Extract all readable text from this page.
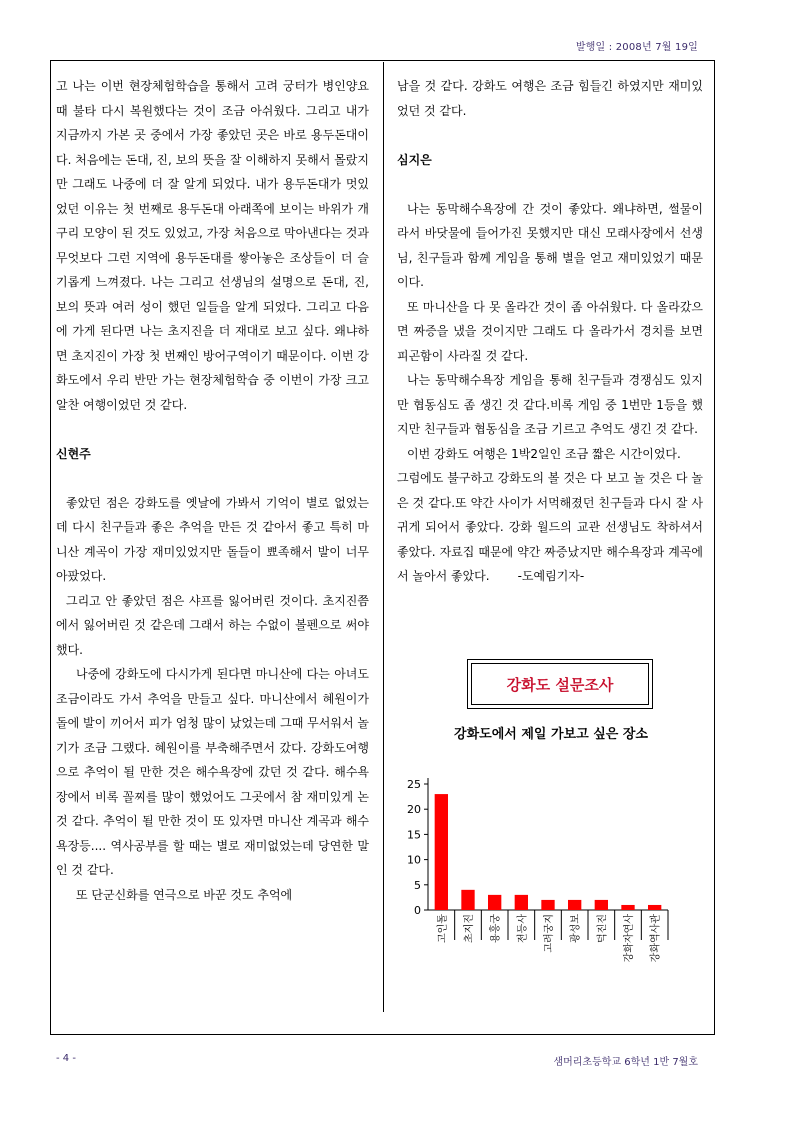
발행일 : 2008년 7월 19일

고 나는 이번 현장체험학습을 통해서 고려 궁터가 병인양요 때 불타 다시 복원했다는 것이 조금 아쉬웠다. 그리고 내가 지금까지 가본 곳 중에서 가장 좋았던 곳은 바로 용두돈대이다. 처음에는 돈대, 진, 보의 뜻을 잘 이해하지 못해서 몰랐지만 그래도 나중에 더 잘 알게 되었다. 내가 용두돈대가 멋있었던 이유는 첫 번째로 용두돈대 아래쪽에 보이는 바위가 개구리 모양이 된 것도 있었고, 가장 처음으로 막아낸다는 것과 무엇보다 그런 지역에 용두돈대를 쌓아놓은 조상들이 더 슬기롭게 느껴졌다. 나는 그리고 선생님의 설명으로 돈대, 진, 보의 뜻과 여러 성이 했던 일들을 알게 되었다. 그리고 다음에 가게 된다면 나는 초지진을 더 재대로 보고 싶다. 왜냐하면 초지진이 가장 첫 번째인 방어구역이기 때문이다. 이번 강화도에서 우리 반만 가는 현장체험학습 중 이번이 가장 크고 알찬 여행이었던 것 같다.

신현주

좋았던 점은 강화도를 옛날에 가봐서 기억이 별로 없었는데 다시 친구들과 좋은 추억을 만든 것 같아서 좋고 특히 마니산 계곡이 가장 재미있었지만 돌들이 뾰족해서 발이 너무 아팠었다.

그리고 안 좋았던 점은 샤프를 잃어버린 것이다. 초지진쯤에서 잃어버린 것 같은데 그래서 하는 수없이 볼펜으로 써야했다.

나중에 강화도에 다시가게 된다면 마니산에 다는 아녀도 조금이라도 가서 추억을 만들고 싶다. 마니산에서 혜원이가 돌에 발이 끼어서 피가 엄청 많이 났었는데 그때 무서워서 놀기가 조금 그랬다. 혜원이를 부축해주면서 갔다. 강화도여행으로 추억이 될 만한 것은 해수욕장에 갔던 것 같다. 해수욕장에서 비록 꼴찌를 많이 했었어도 그곳에서 참 재미있게 논 것 같다. 추억이 될 만한 것이 또 있자면 마니산 계곡과 해수욕장등.... 역사공부를 할 때는 별로 재미없었는데 당연한 말인 것 같다.

또 단군신화를 연극으로 바꾼 것도 추억에

남을 것 같다. 강화도 여행은 조금 힘들긴 하였지만 재미있었던 것 같다.

심지은

나는 동막해수욕장에 간 것이 좋았다. 왜냐하면, 썰물이라서 바닷물에 들어가진 못했지만 대신 모래사장에서 선생님, 친구들과 함께 게임을 통해 별을 얻고 재미있었기 때문이다.

또 마니산을 다 못 올라간 것이 좀 아쉬웠다. 다 올라갔으면 짜증을 냈을 것이지만 그래도 다 올라가서 경치를 보면 피곤함이 사라질 것 같다.

나는 동막해수욕장 게임을 통해 친구들과 경쟁심도 있지만 협동심도 좀 생긴 것 같다.비록 게임 중 1번만 1등을 했지만 친구들과 협동심을 조금 기르고 추억도 생긴 것 같다.

이번 강화도 여행은 1박2일인 조금 짧은 시간이었다.

그럼에도 불구하고 강화도의 볼 것은 다 보고 놀 것은 다 놀은 것 같다.또 약간 사이가 서먹해졌던 친구들과 다시 잘 사귀게 되어서 좋았다. 강화 월드의 교관 선생님도 착하셔서 좋았다. 자료집 때문에 약간 짜증났지만 해수욕장과 계곡에서 놀아서 좋았다. -도예림기자-

강화도 설문조사
강화도에서 제일 가보고 싶은 장소
0
5
10
15
20
25
고인돌 초지진 용흥궁 전등사 고려궁지 광성보 덕진진 강화자연사 강화역사관
- 4 -	샘머리초등학교 6학년 1반 7월호
